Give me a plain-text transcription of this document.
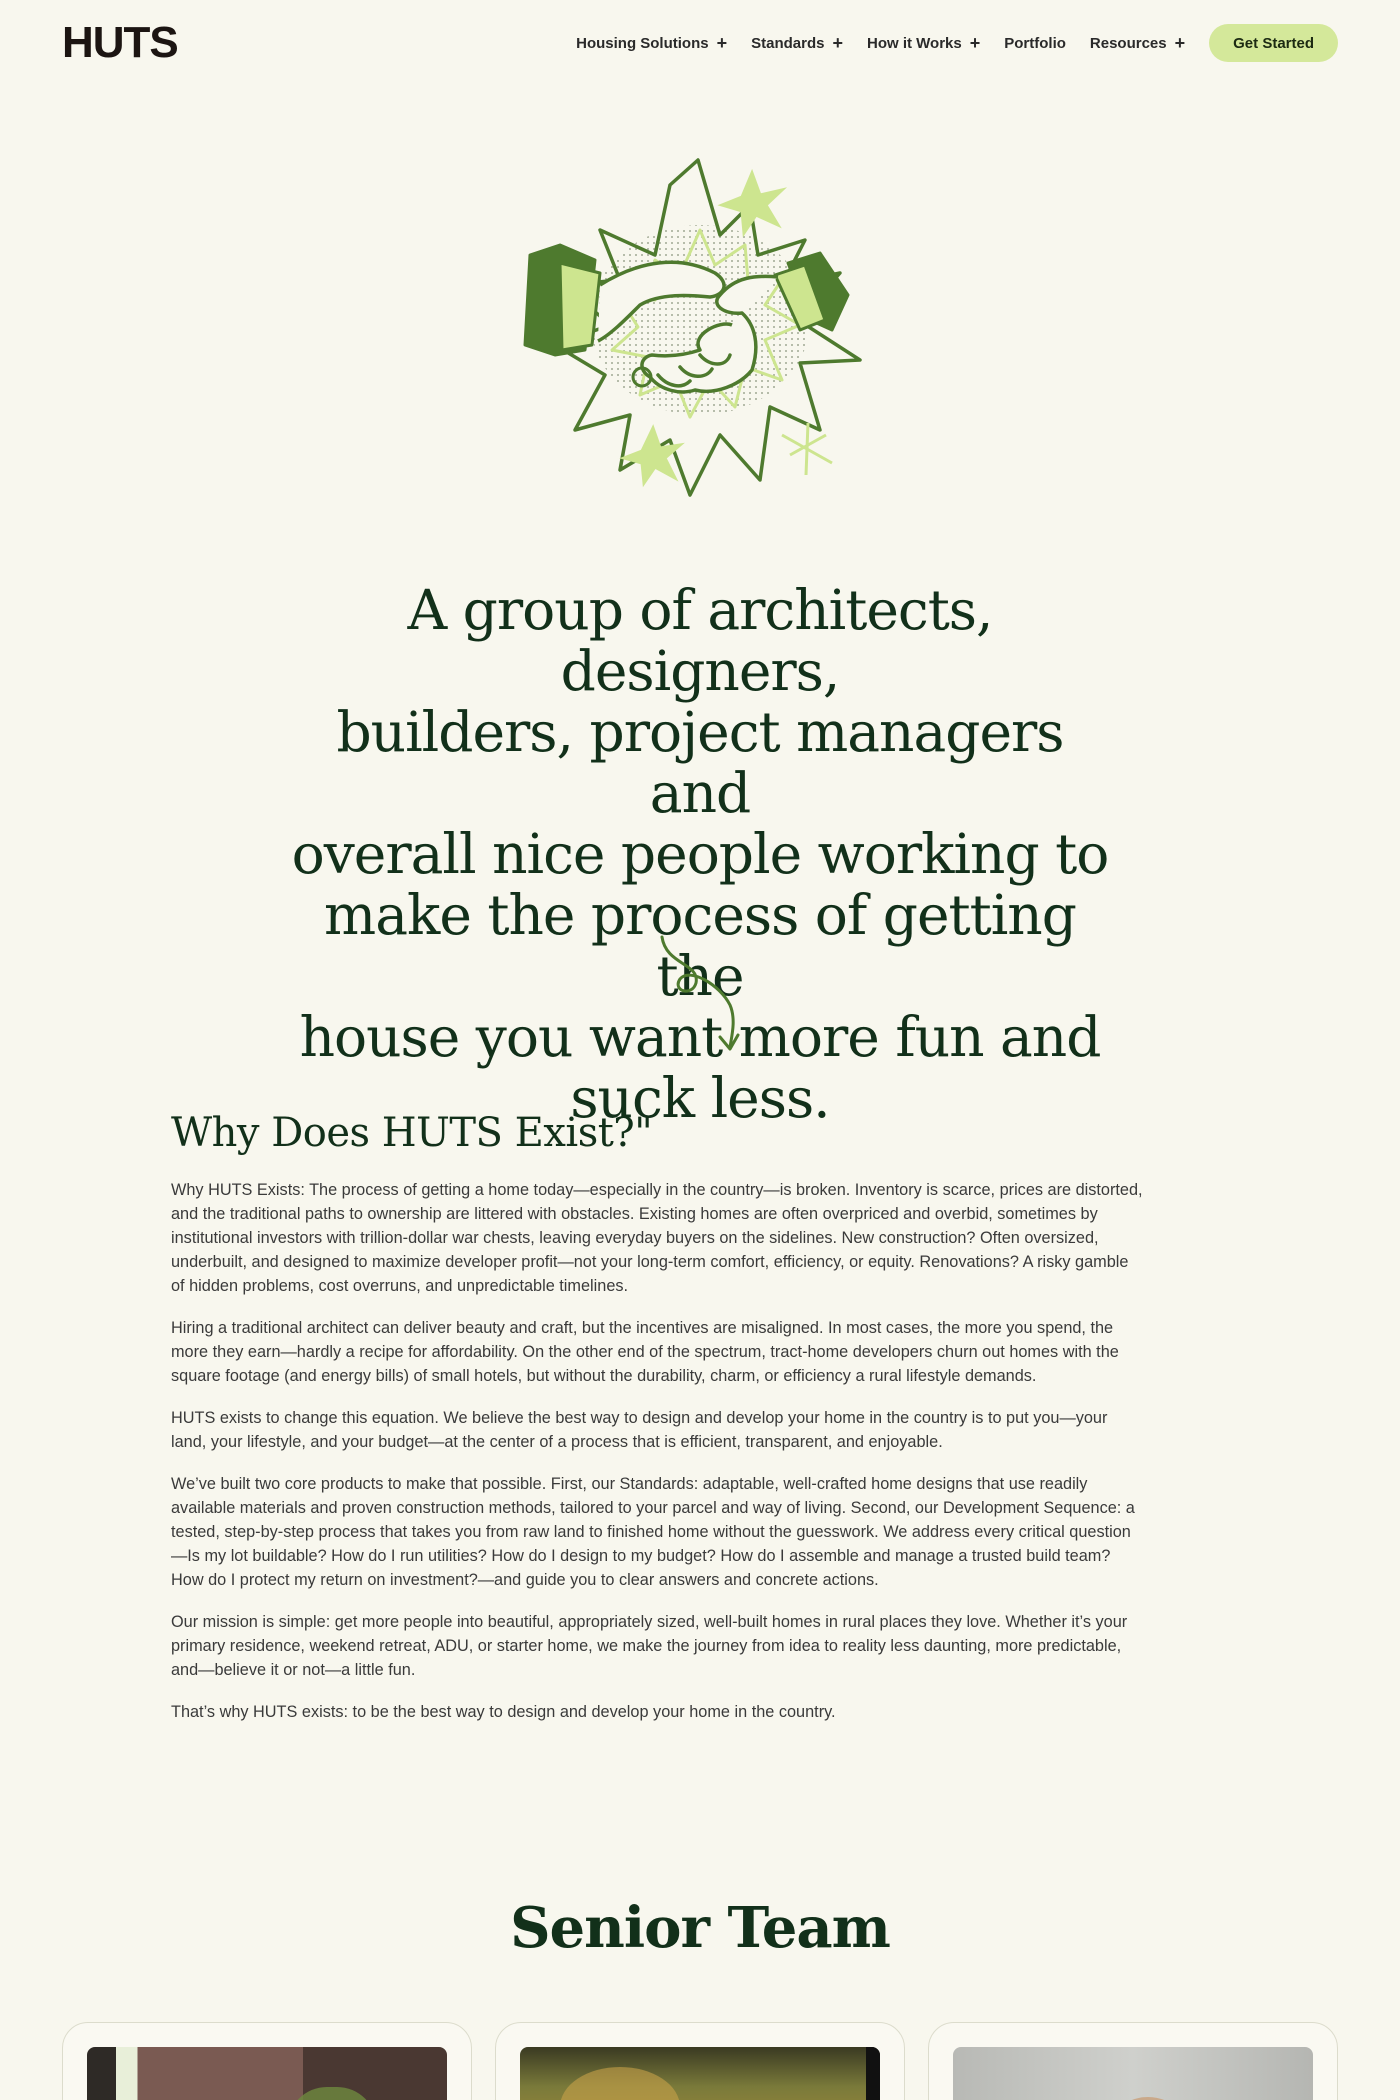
HUTS	Housing Solutions + Standards + How it Works + Portfolio Resources +	Get Started
A group of architects, designers,
builders, project managers and
overall nice people working to
make the process of getting the
house you want more fun and
suck less.
Why Does HUTS Exist?"

Why HUTS Exists: The process of getting a home today—especially in the country—is broken. Inventory is scarce, prices are distorted, and the traditional paths to ownership are littered with obstacles. Existing homes are often overpriced and overbid, sometimes by institutional investors with trillion-dollar war chests, leaving everyday buyers on the sidelines. New construction? Often oversized, underbuilt, and designed to maximize developer profit—not your long-term comfort, efficiency, or equity. Renovations? A risky gamble of hidden problems, cost overruns, and unpredictable timelines.

Hiring a traditional architect can deliver beauty and craft, but the incentives are misaligned. In most cases, the more you spend, the more they earn—hardly a recipe for affordability. On the other end of the spectrum, tract-home developers churn out homes with the square footage (and energy bills) of small hotels, but without the durability, charm, or efficiency a rural lifestyle demands.

HUTS exists to change this equation. We believe the best way to design and develop your home in the country is to put you—your land, your lifestyle, and your budget—at the center of a process that is efficient, transparent, and enjoyable.

We’ve built two core products to make that possible. First, our Standards: adaptable, well-crafted home designs that use readily available materials and proven construction methods, tailored to your parcel and way of living. Second, our Development Sequence: a tested, step-by-step process that takes you from raw land to finished home without the guesswork. We address every critical question—Is my lot buildable? How do I run utilities? How do I design to my budget? How do I assemble and manage a trusted build team? How do I protect my return on investment?—and guide you to clear answers and concrete actions.

Our mission is simple: get more people into beautiful, appropriately sized, well-built homes in rural places they love. Whether it’s your primary residence, weekend retreat, ADU, or starter home, we make the journey from idea to reality less daunting, more predictable, and—believe it or not—a little fun.

That’s why HUTS exists: to be the best way to design and develop your home in the country.

Senior Team
